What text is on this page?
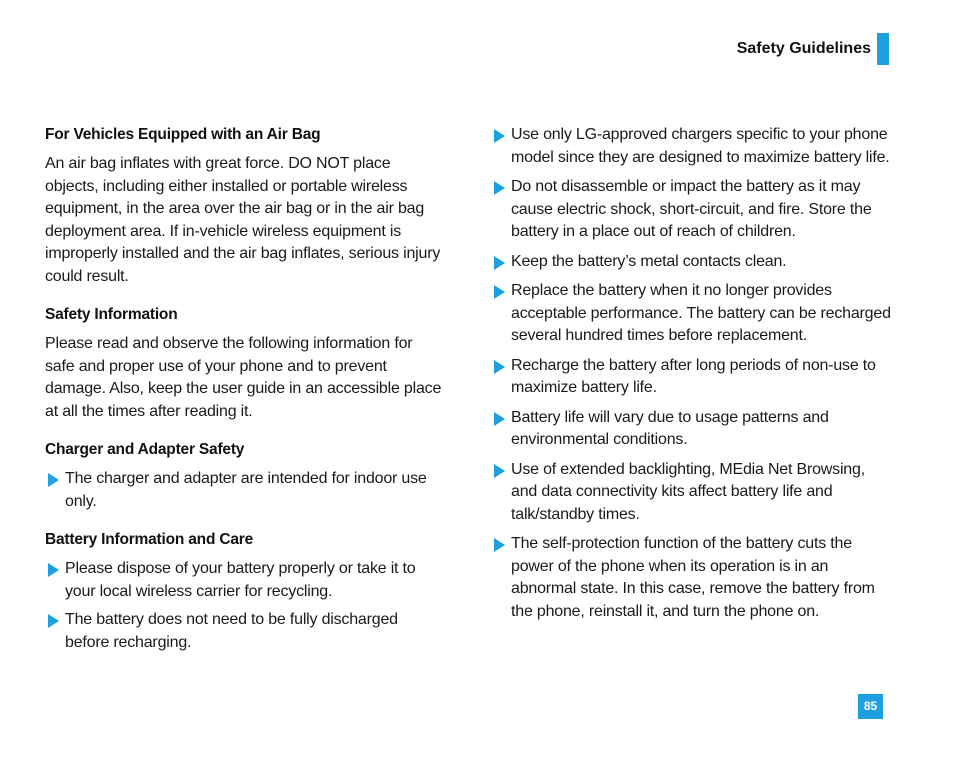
Safety Guidelines
For Vehicles Equipped with an Air Bag

An air bag inflates with great force. DO NOT place objects, including either installed or portable wireless equipment, in the area over the air bag or in the air bag deployment area. If in-vehicle wireless equipment is improperly installed and the air bag inflates, serious injury could result.

Safety Information

Please read and observe the following information for safe and proper use of your phone and to prevent damage. Also, keep the user guide in an accessible place at all the times after reading it.

Charger and Adapter Safety
The charger and adapter are intended for indoor use only.
Battery Information and Care
Please dispose of your battery properly or take it to your local wireless carrier for recycling.
The battery does not need to be fully discharged before recharging.
Use only LG-approved chargers specific to your phone model since they are designed to maximize battery life.
Do not disassemble or impact the battery as it may cause electric shock, short-circuit, and fire. Store the battery in a place out of reach of children.
Keep the battery’s metal contacts clean.
Replace the battery when it no longer provides acceptable performance. The battery can be recharged several hundred times before replacement.
Recharge the battery after long periods of non-use to maximize battery life.
Battery life will vary due to usage patterns and environmental conditions.
Use of extended backlighting, MEdia Net Browsing, and data connectivity kits affect battery life and talk/standby times.
The self-protection function of the battery cuts the power of the phone when its operation is in an abnormal state. In this case, remove the battery from the phone, reinstall it, and turn the phone on.
85
